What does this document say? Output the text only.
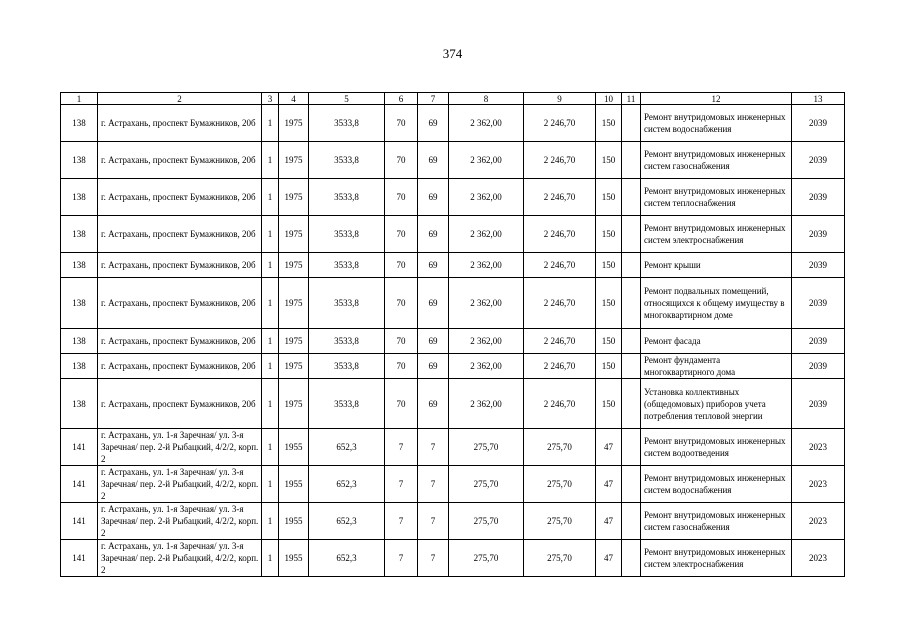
374
1	2	3	4	5	6	7	8	9	10	11	12	13
138	г. Астрахань, проспект Бумажников, 20б	1	1975	3533,8	70	69	2 362,00	2 246,70	150		Ремонт внутридомовых инженерных систем водоснабжения	2039
138	г. Астрахань, проспект Бумажников, 20б	1	1975	3533,8	70	69	2 362,00	2 246,70	150		Ремонт внутридомовых инженерных систем газоснабжения	2039
138	г. Астрахань, проспект Бумажников, 20б	1	1975	3533,8	70	69	2 362,00	2 246,70	150		Ремонт внутридомовых инженерных систем теплоснабжения	2039
138	г. Астрахань, проспект Бумажников, 20б	1	1975	3533,8	70	69	2 362,00	2 246,70	150		Ремонт внутридомовых инженерных систем электроснабжения	2039
138	г. Астрахань, проспект Бумажников, 20б	1	1975	3533,8	70	69	2 362,00	2 246,70	150		Ремонт крыши	2039
138	г. Астрахань, проспект Бумажников, 20б	1	1975	3533,8	70	69	2 362,00	2 246,70	150		Ремонт подвальных помещений, относящихся к общему имуществу в многоквартирном доме	2039
138	г. Астрахань, проспект Бумажников, 20б	1	1975	3533,8	70	69	2 362,00	2 246,70	150		Ремонт фасада	2039
138	г. Астрахань, проспект Бумажников, 20б	1	1975	3533,8	70	69	2 362,00	2 246,70	150		Ремонт фундамента многоквартирного дома	2039
138	г. Астрахань, проспект Бумажников, 20б	1	1975	3533,8	70	69	2 362,00	2 246,70	150		Установка коллективных (общедомовых) приборов учета потребления тепловой энергии	2039
141	г. Астрахань, ул. 1-я Заречная/ ул. 3-я Заречная/ пер. 2-й Рыбацкий, 4/2/2, корп. 2	1	1955	652,3	7	7	275,70	275,70	47		Ремонт внутридомовых инженерных систем водоотведения	2023
141	г. Астрахань, ул. 1-я Заречная/ ул. 3-я Заречная/ пер. 2-й Рыбацкий, 4/2/2, корп. 2	1	1955	652,3	7	7	275,70	275,70	47		Ремонт внутридомовых инженерных систем водоснабжения	2023
141	г. Астрахань, ул. 1-я Заречная/ ул. 3-я Заречная/ пер. 2-й Рыбацкий, 4/2/2, корп. 2	1	1955	652,3	7	7	275,70	275,70	47		Ремонт внутридомовых инженерных систем газоснабжения	2023
141	г. Астрахань, ул. 1-я Заречная/ ул. 3-я Заречная/ пер. 2-й Рыбацкий, 4/2/2, корп. 2	1	1955	652,3	7	7	275,70	275,70	47		Ремонт внутридомовых инженерных систем электроснабжения	2023
